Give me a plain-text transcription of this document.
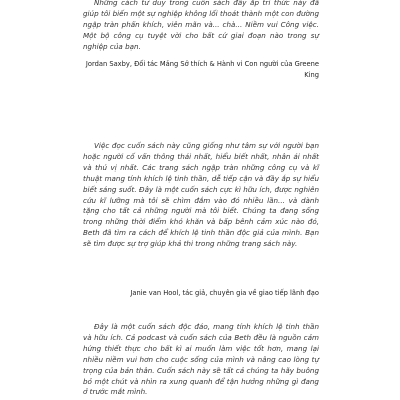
Những cách tư duy trong cuốn sách đầy ắp tri thức này đã giúp tôi biến một sự nghiệp không lối thoát thành một con đường ngập tràn phấn khích, viên mãn và... chà... Niềm vui Công việc. Một bộ công cụ tuyệt vời cho bất cứ giai đoạn nào trong sự nghiệp của bạn.

Jordan Saxby, Đối tác Mảng Sở thích & Hành vi Con người của Greene King

Việc đọc cuốn sách này cũng giống như tâm sự với người bạn hoặc người cố vấn thông thái nhất, hiểu biết nhất, nhân ái nhất và thú vị nhất. Các trang sách ngập tràn những công cụ và kĩ thuật mang tính khích lệ tinh thần, dễ tiếp cận và đầy ắp sự hiểu biết sáng suốt. Đây là một cuốn sách cực kì hữu ích, được nghiên cứu kĩ lưỡng mà tôi sẽ chìm đắm vào đó nhiều lần... và dành tặng cho tất cả những người mà tôi biết. Chúng ta đang sống trong những thời điểm khó khăn và bấp bênh cảm xúc nào đó, Beth đã tìm ra cách để khích lệ tinh thần độc giả của mình. Bạn sẽ tìm được sự trợ giúp khả thi trong những trang sách này.

Janie van Hool, tác giả, chuyên gia về giao tiếp lãnh đạo

Đây là một cuốn sách độc đáo, mang tính khích lệ tinh thần và hữu ích. Cả podcast và cuốn sách của Beth đều là nguồn cảm hứng thiết thực cho bất kì ai muốn làm việc tốt hơn, mang lại nhiều niềm vui hơn cho cuộc sống của mình và nâng cao lòng tự trọng của bản thân. Cuốn sách này sẽ tất cả chúng ta hãy buông bỏ một chút và nhìn ra xung quanh để tận hưởng những gì đang ở trước mắt mình.
